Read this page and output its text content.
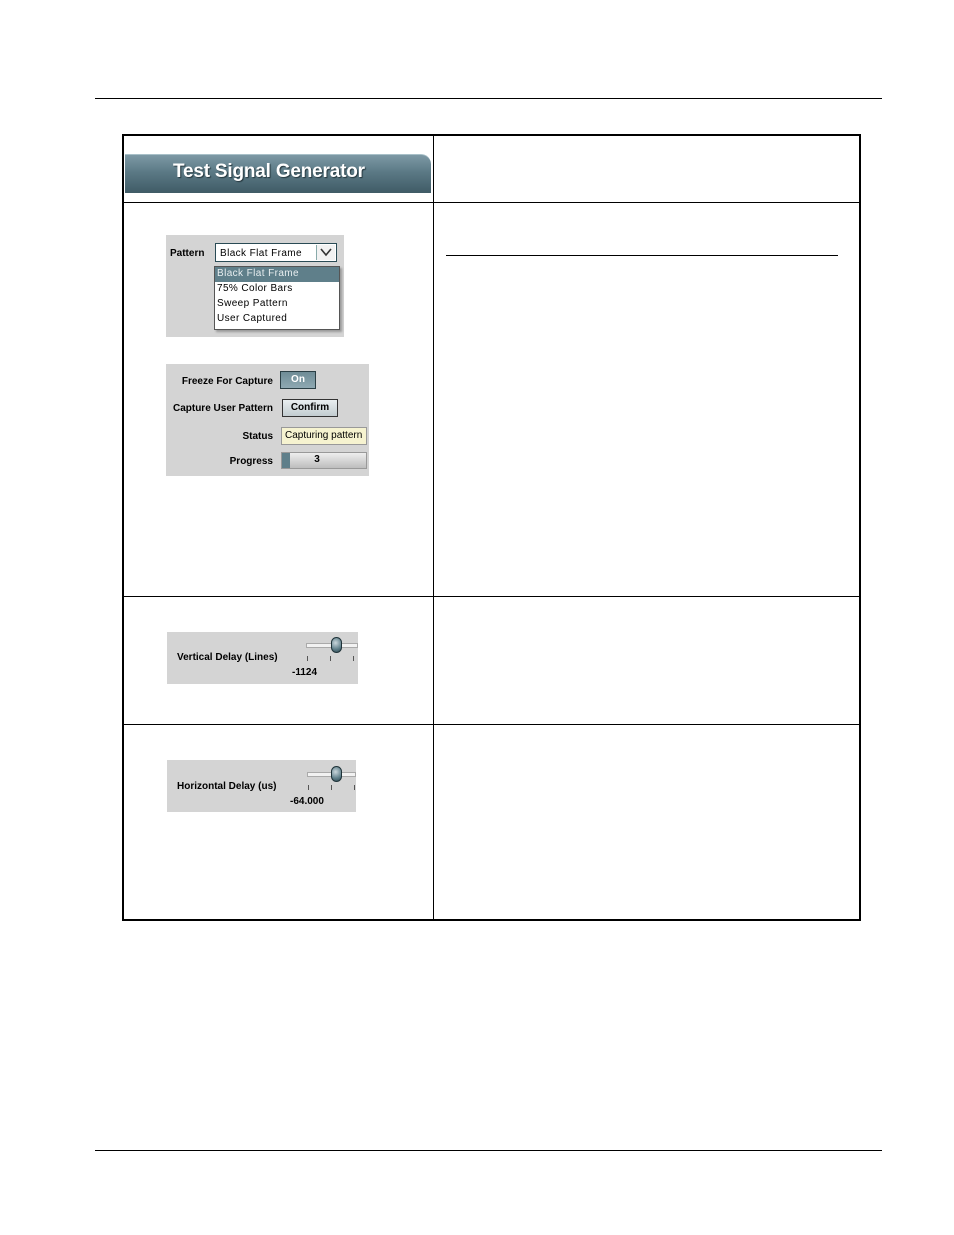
Test Signal Generator
Pattern Black Flat Frame
Black Flat Frame
75% Color Bars
Sweep Pattern
User Captured
Freeze For Capture	On
Capture User Pattern	Confirm
Status	Capturing pattern
Progress	3
Vertical Delay (Lines)
-1124
Horizontal Delay (us)
-64.000
